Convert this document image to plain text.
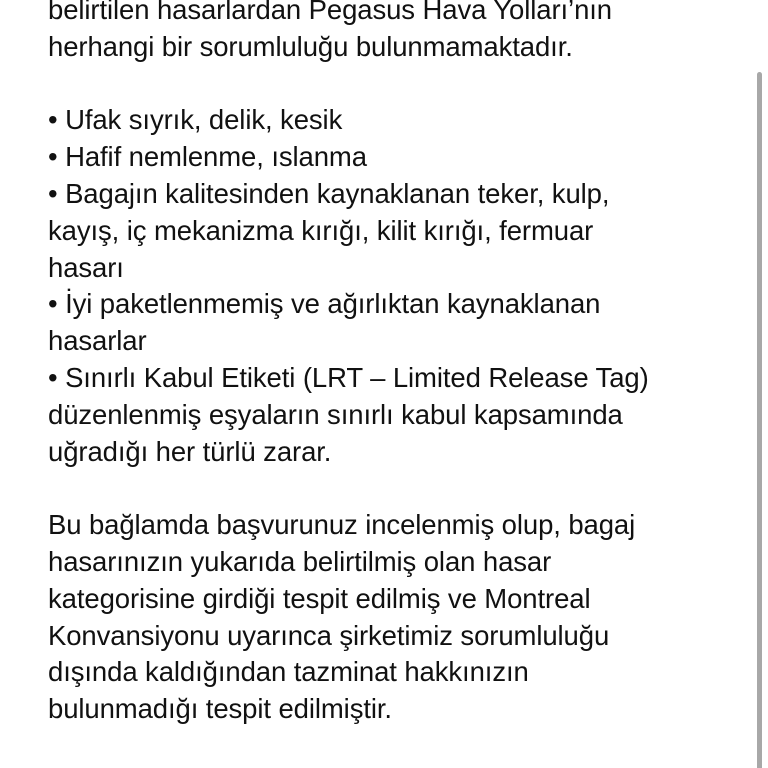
belirtilen hasarlardan Pegasus Hava Yolları’nın
herhangi bir sorumluluğu bulunmamaktadır.
• Ufak sıyrık, delik, kesik
• Hafif nemlenme, ıslanma
• Bagajın kalitesinden kaynaklanan teker, kulp,
kayış, iç mekanizma kırığı, kilit kırığı, fermuar
hasarı
• İyi paketlenmemiş ve ağırlıktan kaynaklanan
hasarlar
• Sınırlı Kabul Etiketi (LRT – Limited Release Tag)
düzenlenmiş eşyaların sınırlı kabul kapsamında
uğradığı her türlü zarar.
Bu bağlamda başvurunuz incelenmiş olup, bagaj
hasarınızın yukarıda belirtilmiş olan hasar
kategorisine girdiği tespit edilmiş ve Montreal
Konvansiyonu uyarınca şirketimiz sorumluluğu
dışında kaldığından tazminat hakkınızın
bulunmadığı tespit edilmiştir.
